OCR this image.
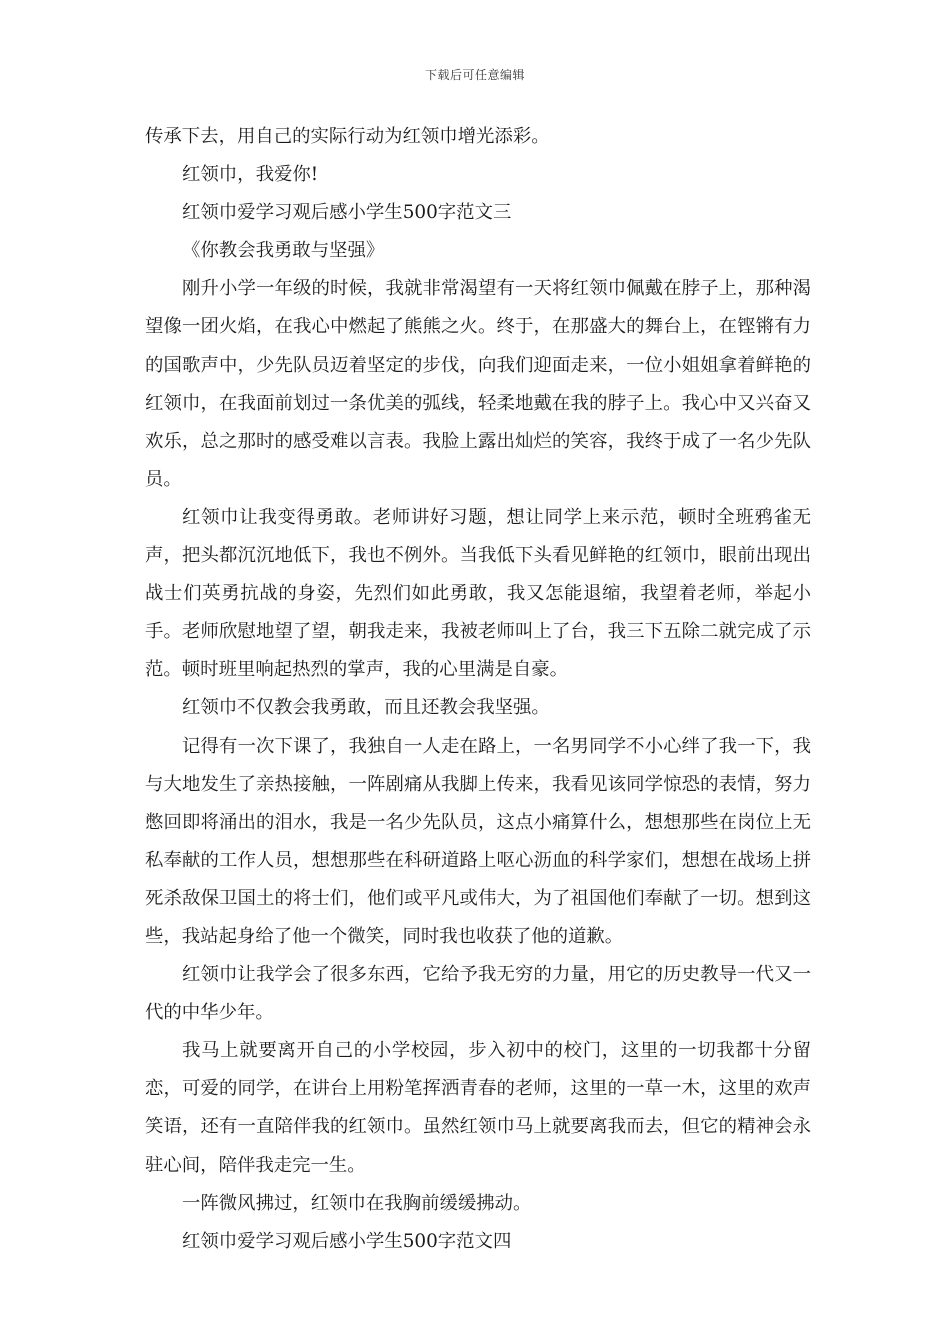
下载后可任意编辑

传承下去，用自己的实际行动为红领巾增光添彩。

红领巾，我爱你!

红领巾爱学习观后感小学生500字范文三

《你教会我勇敢与坚强》

刚升小学一年级的时候，我就非常渴望有一天将红领巾佩戴在脖子上，那种渴望像一团火焰，在我心中燃起了熊熊之火。终于，在那盛大的舞台上，在铿锵有力的国歌声中，少先队员迈着坚定的步伐，向我们迎面走来，一位小姐姐拿着鲜艳的红领巾，在我面前划过一条优美的弧线，轻柔地戴在我的脖子上。我心中又兴奋又欢乐，总之那时的感受难以言表。我脸上露出灿烂的笑容，我终于成了一名少先队员。

红领巾让我变得勇敢。老师讲好习题，想让同学上来示范，顿时全班鸦雀无声，把头都沉沉地低下，我也不例外。当我低下头看见鲜艳的红领巾，眼前出现出战士们英勇抗战的身姿，先烈们如此勇敢，我又怎能退缩，我望着老师，举起小手。老师欣慰地望了望，朝我走来，我被老师叫上了台，我三下五除二就完成了示范。顿时班里响起热烈的掌声，我的心里满是自豪。

红领巾不仅教会我勇敢，而且还教会我坚强。

记得有一次下课了，我独自一人走在路上，一名男同学不小心绊了我一下，我与大地发生了亲热接触，一阵剧痛从我脚上传来，我看见该同学惊恐的表情，努力憋回即将涌出的泪水，我是一名少先队员，这点小痛算什么，想想那些在岗位上无私奉献的工作人员，想想那些在科研道路上呕心沥血的科学家们，想想在战场上拼死杀敌保卫国土的将士们，他们或平凡或伟大，为了祖国他们奉献了一切。想到这些，我站起身给了他一个微笑，同时我也收获了他的道歉。

红领巾让我学会了很多东西，它给予我无穷的力量，用它的历史教导一代又一代的中华少年。

我马上就要离开自己的小学校园，步入初中的校门，这里的一切我都十分留恋，可爱的同学，在讲台上用粉笔挥洒青春的老师，这里的一草一木，这里的欢声笑语，还有一直陪伴我的红领巾。虽然红领巾马上就要离我而去，但它的精神会永驻心间，陪伴我走完一生。

一阵微风拂过，红领巾在我胸前缓缓拂动。

红领巾爱学习观后感小学生500字范文四
